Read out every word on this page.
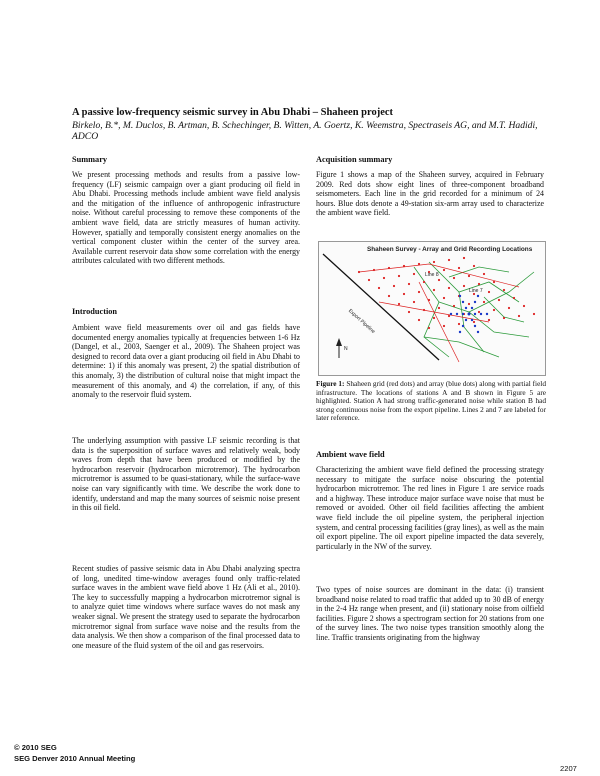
A passive low-frequency seismic survey in Abu Dhabi – Shaheen project
Birkelo, B.*, M. Duclos, B. Artman, B. Schechinger, B. Witten, A. Goertz, K. Weemstra, Spectraseis AG, and M.T. Hadidi, ADCO
Summary

We present processing methods and results from a passive low-frequency (LF) seismic campaign over a giant producing oil field in Abu Dhabi. Processing methods include ambient wave field analysis and the mitigation of the influence of anthropogenic infrastructure noise. Without careful processing to remove these components of the ambient wave field, data are strictly measures of human activity. However, spatially and temporally consistent energy anomalies on the vertical component cluster within the center of the survey area. Available current reservoir data show some correlation with the energy attributes calculated with two different methods.

Introduction

Ambient wave field measurements over oil and gas fields have documented energy anomalies typically at frequencies between 1-6 Hz (Dangel, et al., 2003, Saenger et al., 2009). The Shaheen project was designed to record data over a giant producing oil field in Abu Dhabi to determine: 1) if this anomaly was present, 2) the spatial distribution of this anomaly, 3) the distribution of cultural noise that might impact the measurement of this anomaly, and 4) the correlation, if any, of this anomaly to the reservoir fluid system.

The underlying assumption with passive LF seismic recording is that data is the superposition of surface waves and relatively weak, body waves from depth that have been produced or modified by the hydrocarbon reservoir (hydrocarbon microtremor). The hydrocarbon microtremor is assumed to be quasi-stationary, while the surface-wave noise can vary significantly with time. We describe the work done to identify, understand and map the many sources of seismic noise present in this oil field.

Recent studies of passive seismic data in Abu Dhabi analyzing spectra of long, unedited time-window averages found only traffic-related surface waves in the ambient wave field above 1 Hz (Ali et al., 2010). The key to successfully mapping a hydrocarbon microtremor signal is to analyze quiet time windows where surface waves do not mask any weaker signal. We present the strategy used to separate the hydrocarbon microtremor signal from surface wave noise and the results from the data analysis. We then show a comparison of the final processed data to one measure of the fluid system of the oil and gas reservoirs.

Acquisition summary

Figure 1 shows a map of the Shaheen survey, acquired in February 2009. Red dots show eight lines of three-component broadband seismometers. Each line in the grid recorded for a minimum of 24 hours. Blue dots denote a 49-station six-arm array used to characterize the ambient wave field.

Ambient wave field

Characterizing the ambient wave field defined the processing strategy necessary to mitigate the surface noise obscuring the potential hydrocarbon microtremor. The red lines in Figure 1 are service roads and a highway. These introduce major surface wave noise that must be removed or avoided. Other oil field facilities affecting the ambient wave field include the oil pipeline system, the peripheral injection system, and central processing facilities (gray lines), as well as the main oil export pipeline. The oil export pipeline impacted the data severely, particularly in the NW of the survey.

Two types of noise sources are dominant in the data: (i) transient broadband noise related to road traffic that added up to 30 dB of energy in the 2-4 Hz range when present, and (ii) stationary noise from oilfield facilities. Figure 2 shows a spectrogram section for 20 stations from one of the survey lines. The two noise types transition smoothly along the line. Traffic transients originating from the highway

Shaheen Survey - Array and Grid Recording Locations
Line 8
Line 7
Export Pipeline
N
Figure 1: Shaheen grid (red dots) and array (blue dots) along with partial field infrastructure. The locations of stations A and B shown in Figure 5 are highlighted. Station A had strong traffic-generated noise while station B had strong continuous noise from the export pipeline. Lines 2 and 7 are labeled for later reference.
© 2010 SEG
SEG Denver 2010 Annual Meeting
2207
